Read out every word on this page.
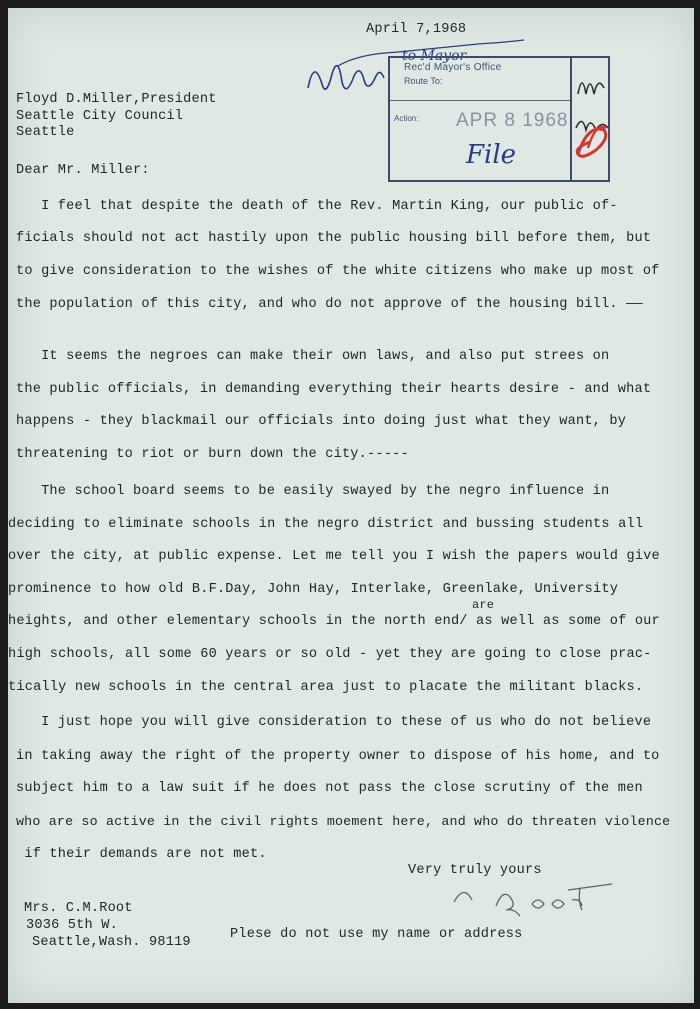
April 7,1968
to Mayor
Floyd D.Miller,President
Seattle City Council
Seattle
Rec'd Mayor's Office
Route To:
Action: APR 8 1968
File
Dear Mr. Miller:
I feel that despite the death of the Rev. Martin King, our public of-
ficials should not act hastily upon the public housing bill before them, but
to give consideration to the wishes of the white citizens who make up most of
the population of this city, and who do not approve of the housing bill. ——
It seems the negroes can make their own laws, and also put strees on
the public officials, in demanding everything their hearts desire - and what
happens - they blackmail our officials into doing just what they want, by
threatening to riot or burn down the city.-----
The school board seems to be easily swayed by the negro influence in
deciding to eliminate schools in the negro district and bussing students all
over the city, at public expense. Let me tell you I wish the papers would give
prominence to how old B.F.Day, John Hay, Interlake, Greenlake, University
are
heights, and other elementary schools in the north end/ as well as some of our
high schools, all some 60 years or so old - yet they are going to close prac-
tically new schools in the central area just to placate the militant blacks.
I just hope you will give consideration to these of us who do not believe
in taking away the right of the property owner to dispose of his home, and to
subject him to a law suit if he does not pass the close scrutiny of the men
who are so active in the civil rights moement here, and who do threaten violence
if their demands are not met.
Very truly yours
Mrs. C.M.Root
3036 5th W.
Seattle,Wash. 98119
Plese do not use my name or address
